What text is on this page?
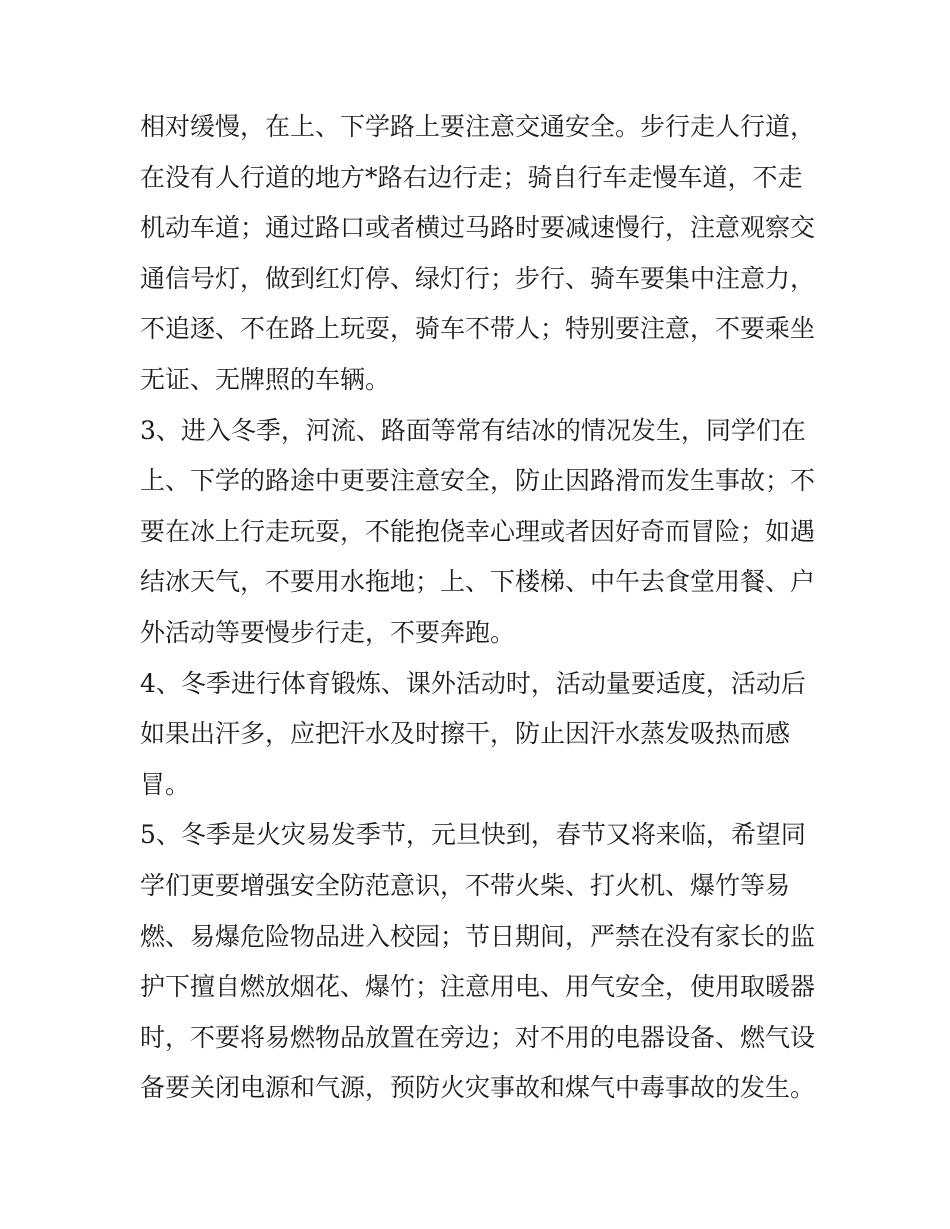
相对缓慢，在上、下学路上要注意交通安全。步行走人行道，
在没有人行道的地方*路右边行走；骑自行车走慢车道，不走
机动车道；通过路口或者横过马路时要减速慢行，注意观察交
通信号灯，做到红灯停、绿灯行；步行、骑车要集中注意力，
不追逐、不在路上玩耍，骑车不带人；特别要注意，不要乘坐
无证、无牌照的车辆。
3、进入冬季，河流、路面等常有结冰的情况发生，同学们在
上、下学的路途中更要注意安全，防止因路滑而发生事故；不
要在冰上行走玩耍，不能抱侥幸心理或者因好奇而冒险；如遇
结冰天气，不要用水拖地；上、下楼梯、中午去食堂用餐、户
外活动等要慢步行走，不要奔跑。
4、冬季进行体育锻炼、课外活动时，活动量要适度，活动后
如果出汗多，应把汗水及时擦干，防止因汗水蒸发吸热而感
冒。
5、冬季是火灾易发季节，元旦快到，春节又将来临，希望同
学们更要增强安全防范意识，不带火柴、打火机、爆竹等易
燃、易爆危险物品进入校园；节日期间，严禁在没有家长的监
护下擅自燃放烟花、爆竹；注意用电、用气安全，使用取暖器
时，不要将易燃物品放置在旁边；对不用的电器设备、燃气设
备要关闭电源和气源，预防火灾事故和煤气中毒事故的发生。
